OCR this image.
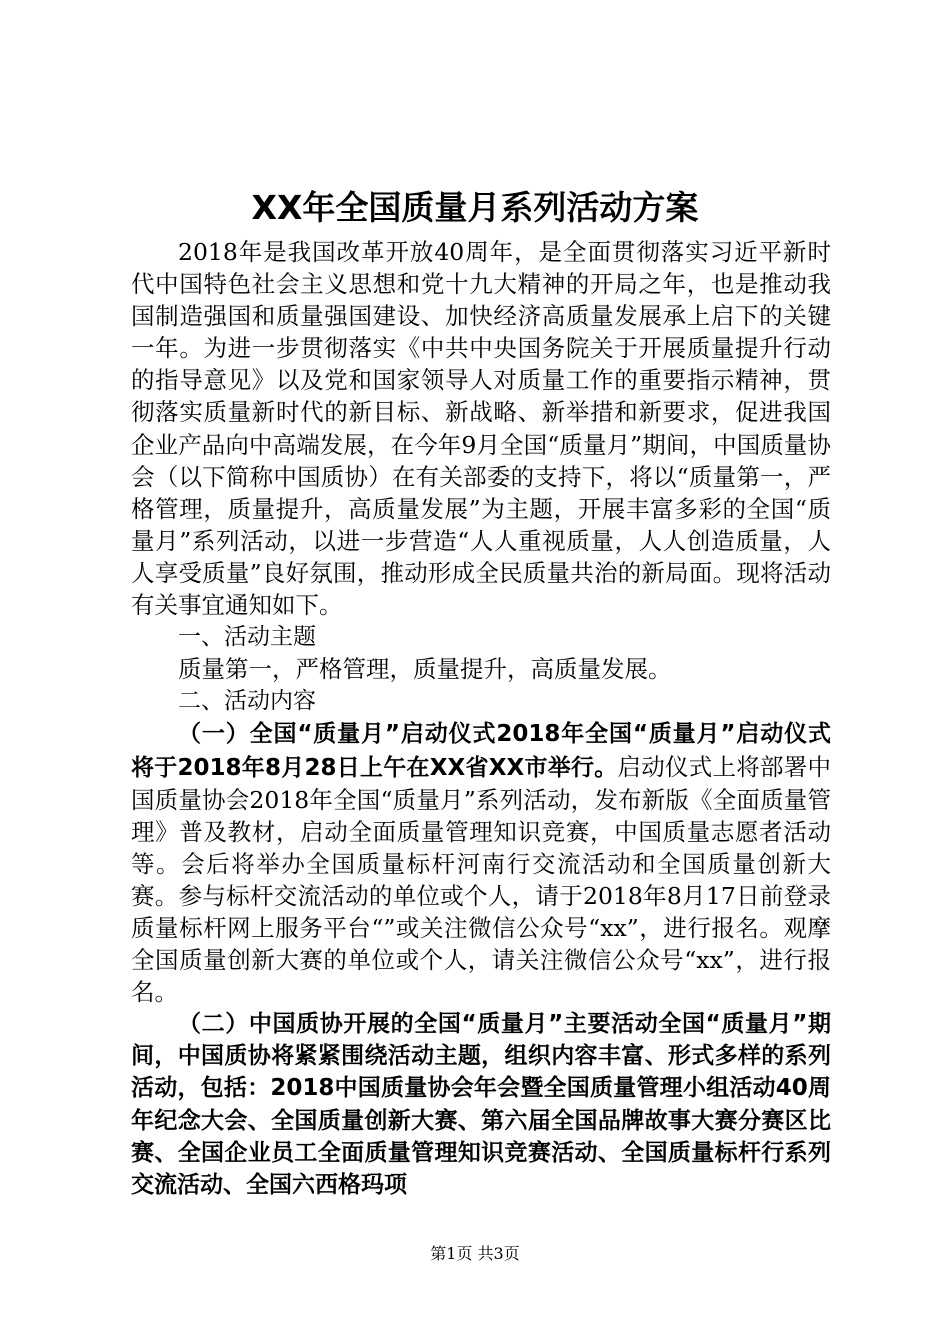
XX年全国质量月系列活动方案

2018年是我国改革开放40周年，是全面贯彻落实习近平新时代中国特色社会主义思想和党十九大精神的开局之年，也是推动我国制造强国和质量强国建设、加快经济高质量发展承上启下的关键一年。为进一步贯彻落实《中共中央国务院关于开展质量提升行动的指导意见》以及党和国家领导人对质量工作的重要指示精神，贯彻落实质量新时代的新目标、新战略、新举措和新要求，促进我国企业产品向中高端发展，在今年9月全国“质量月”期间，中国质量协会（以下简称中国质协）在有关部委的支持下，将以“质量第一，严格管理，质量提升，高质量发展”为主题，开展丰富多彩的全国“质量月”系列活动，以进一步营造“人人重视质量，人人创造质量，人人享受质量”良好氛围，推动形成全民质量共治的新局面。现将活动有关事宜通知如下。

一、活动主题

质量第一，严格管理，质量提升，高质量发展。

二、活动内容

（一）全国“质量月”启动仪式2018年全国“质量月”启动仪式将于2018年8月28日上午在XX省XX市举行。启动仪式上将部署中国质量协会2018年全国“质量月”系列活动，发布新版《全面质量管理》普及教材，启动全面质量管理知识竞赛，中国质量志愿者活动等。会后将举办全国质量标杆河南行交流活动和全国质量创新大赛。参与标杆交流活动的单位或个人，请于2018年8月17日前登录质量标杆网上服务平台“”或关注微信公众号“xx”，进行报名。观摩全国质量创新大赛的单位或个人，请关注微信公众号“xx”，进行报名。

（二）中国质协开展的全国“质量月”主要活动全国“质量月”期间，中国质协将紧紧围绕活动主题，组织内容丰富、形式多样的系列活动，包括：2018中国质量协会年会暨全国质量管理小组活动40周年纪念大会、全国质量创新大赛、第六届全国品牌故事大赛分赛区比赛、全国企业员工全面质量管理知识竞赛活动、全国质量标杆行系列交流活动、全国六西格玛项

第1页 共3页
